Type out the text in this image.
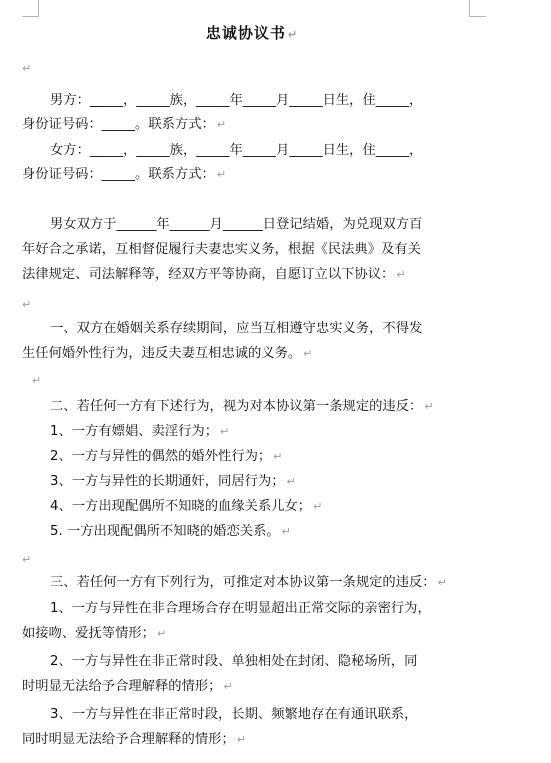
忠诚协议书 ↵
↵
男方：_____，_____族，_____年_____月_____日生，住_____，
身份证号码：_____。联系方式： ↵
女方：_____，_____族，_____年_____月_____日生，住_____，
身份证号码：_____。联系方式： ↵
男女双方于______年______月______日登记结婚，为兑现双方百
年好合之承诺，互相督促履行夫妻忠实义务，根据《民法典》及有关
法律规定、司法解释等，经双方平等协商，自愿订立以下协议： ↵
↵
一、双方在婚姻关系存续期间，应当互相遵守忠实义务，不得发
生任何婚外性行为，违反夫妻互相忠诚的义务。 ↵
↵
二、若任何一方有下述行为，视为对本协议第一条规定的违反： ↵
1、一方有嫖娼、卖淫行为； ↵
2、一方与异性的偶然的婚外性行为； ↵
3、一方与异性的长期通奸，同居行为； ↵
4、一方出现配偶所不知晓的血缘关系儿女； ↵
5. 一方出现配偶所不知晓的婚恋关系。 ↵
↵
三、若任何一方有下列行为，可推定对本协议第一条规定的违反： ↵
1、一方与异性在非合理场合存在明显超出正常交际的亲密行为，
如接吻、爱抚等情形； ↵
2、一方与异性在非正常时段、单独相处在封闭、隐秘场所，同
时明显无法给予合理解释的情形； ↵
3、一方与异性在非正常时段，长期、频繁地存在有通讯联系，
同时明显无法给予合理解释的情形； ↵
